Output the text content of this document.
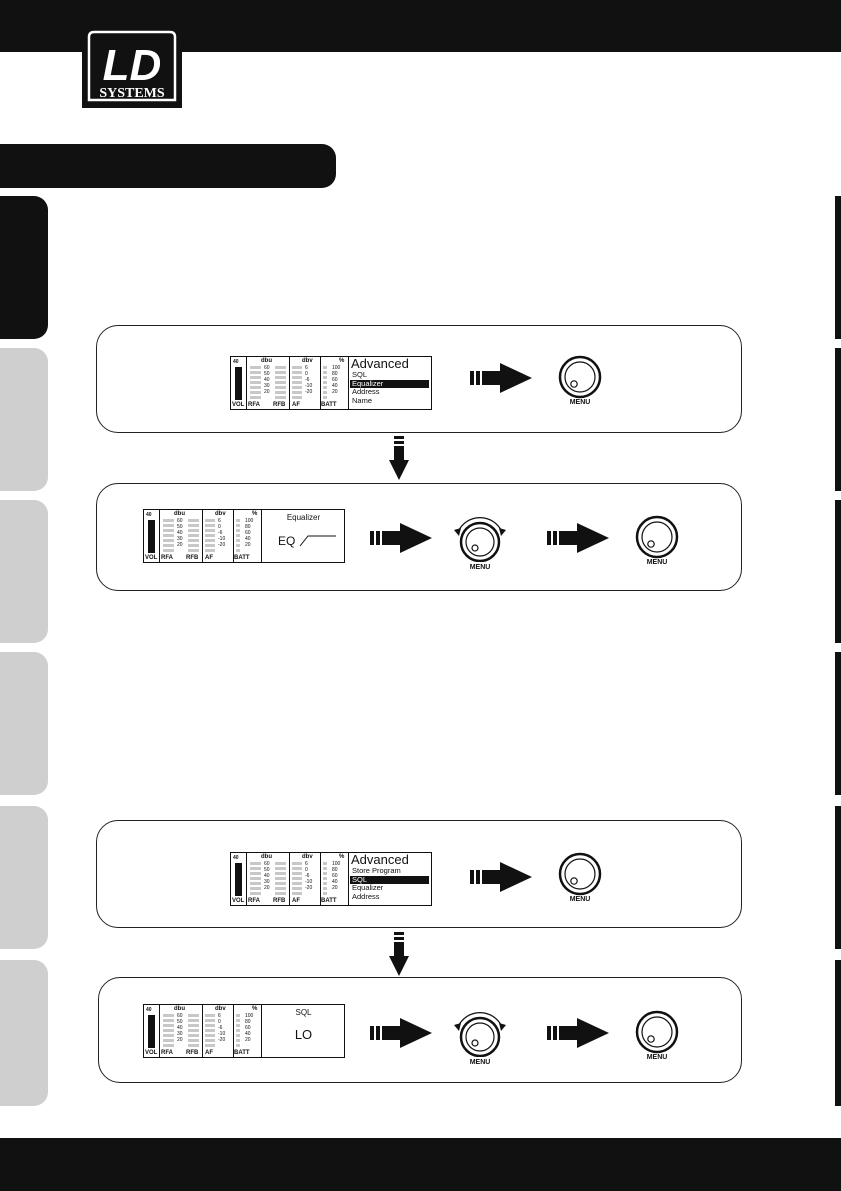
LD
SYSTEMS
40
VOL
dbu
60
50
40
30
20
RFA RFB
dbv
6
0
-6
-10
-20
AF
%
100
80
60
40
20
BATT
Advanced
SQL
Equalizer
Address
Name
40
VOL
dbu
60
50
40
30
20
RFA RFB
dbv
6
0
-6
-10
-20
AF
%
100
80
60
40
20
BATT
Equalizer
EQ
40
VOL
dbu
60
50
40
30
20
RFA RFB
dbv
6
0
-6
-10
-20
AF
%
100
80
60
40
20
BATT
Advanced
Store Program
SQL
Equalizer
Address
40
VOL
dbu
60
50
40
30
20
RFA RFB
dbv
6
0
-6
-10
-20
AF
%
100
80
60
40
20
BATT
SQL
LO
MENU
MENU
MENU
MENU
MENU
MENU
